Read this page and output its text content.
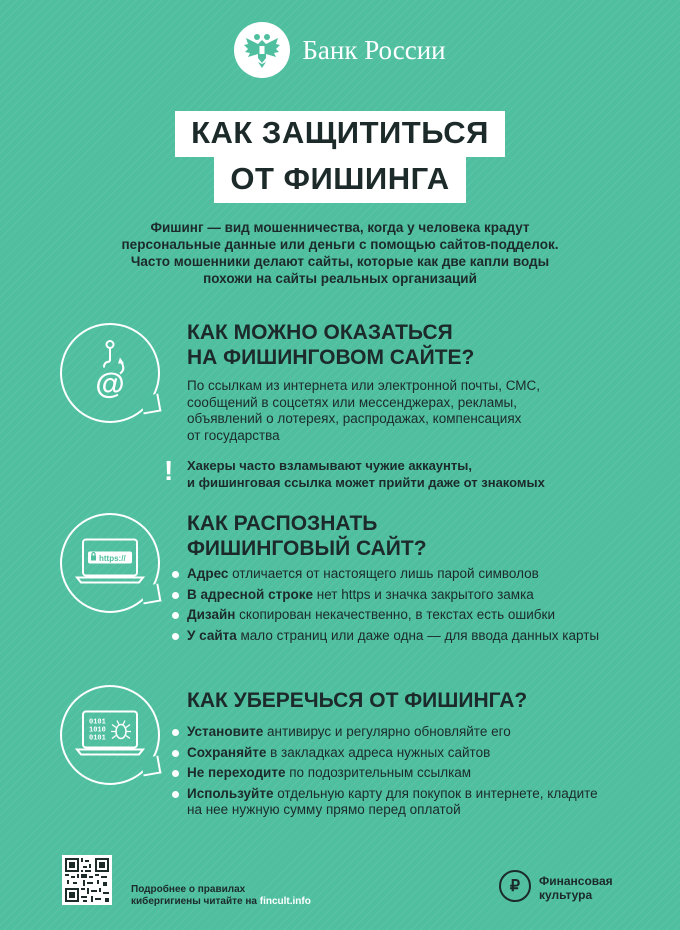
Банк России
КАК ЗАЩИТИТЬСЯ
ОТ ФИШИНГА
Фишинг — вид мошенничества, когда у человека крадут
персональные данные или деньги с помощью сайтов-подделок.
Часто мошенники делают сайты, которые как две капли воды
похожи на сайты реальных организаций
@
КАК МОЖНО ОКАЗАТЬСЯ
НА ФИШИНГОВОМ САЙТЕ?
По ссылкам из интернета или электронной почты, СМС,
сообщений в соцсетях или мессенджерах, рекламы,
объявлений о лотереях, распродажах, компенсациях
от государства
! Хакеры часто взламывают чужие аккаунты,
и фишинговая ссылка может прийти даже от знакомых
https://
КАК РАСПОЗНАТЬ
ФИШИНГОВЫЙ САЙТ?
Адрес отличается от настоящего лишь парой символов
В адресной строке нет https и значка закрытого замка
Дизайн скопирован некачественно, в текстах есть ошибки
У сайта мало страниц или даже одна — для ввода данных карты
0101
1010
0101
КАК УБЕРЕЧЬСЯ ОТ ФИШИНГА?
Установите антивирус и регулярно обновляйте его
Сохраняйте в закладках адреса нужных сайтов
Не переходите по подозрительным ссылкам
Используйте отдельную карту для покупок в интернете, кладите на нее нужную сумму прямо перед оплатой
Подробнее о правилах
кибергигиены читайте на fincult.info
₽	Финансовая
культура
